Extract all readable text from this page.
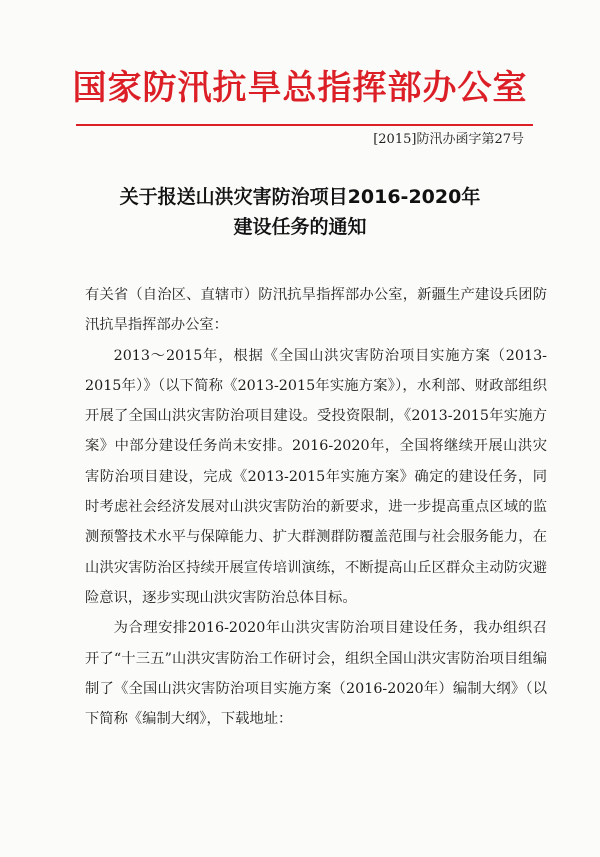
国家防汛抗旱总指挥部办公室
[2015]防汛办函字第27号
关于报送山洪灾害防治项目2016-2020年
建设任务的通知

有关省（自治区、直辖市）防汛抗旱指挥部办公室，新疆生产建设兵团防汛抗旱指挥部办公室：

2013～2015年，根据《全国山洪灾害防治项目实施方案（2013-2015年）》（以下简称《2013-2015年实施方案》），水利部、财政部组织开展了全国山洪灾害防治项目建设。受投资限制，《2013-2015年实施方案》中部分建设任务尚未安排。2016-2020年，全国将继续开展山洪灾害防治项目建设，完成《2013-2015年实施方案》确定的建设任务，同时考虑社会经济发展对山洪灾害防治的新要求，进一步提高重点区域的监测预警技术水平与保障能力、扩大群测群防覆盖范围与社会服务能力，在山洪灾害防治区持续开展宣传培训演练，不断提高山丘区群众主动防灾避险意识，逐步实现山洪灾害防治总体目标。

为合理安排2016-2020年山洪灾害防治项目建设任务，我办组织召开了“十三五”山洪灾害防治工作研讨会，组织全国山洪灾害防治项目组编制了《全国山洪灾害防治项目实施方案（2016-2020年）编制大纲》（以下简称《编制大纲》，下载地址：
